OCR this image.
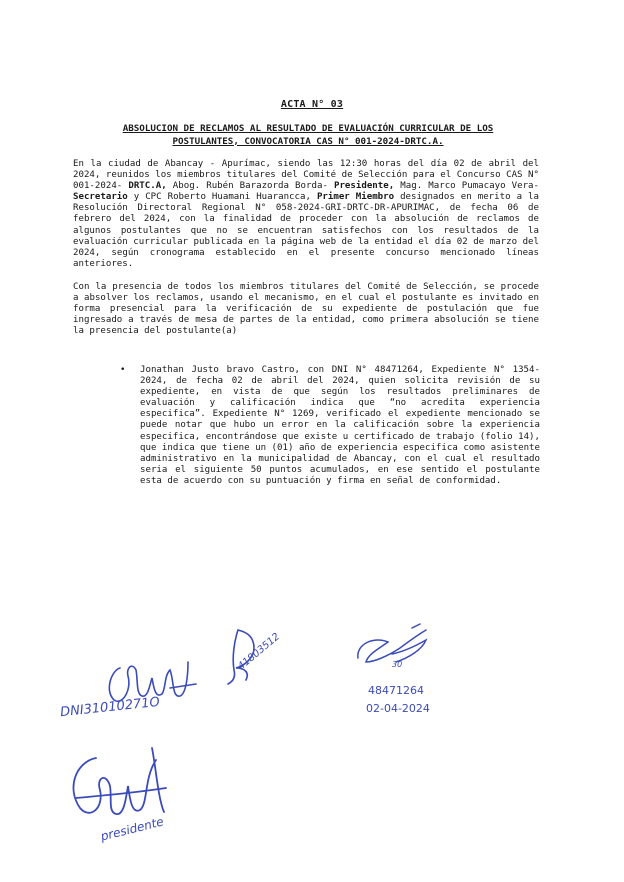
ACTA N° 03
ABSOLUCION DE RECLAMOS AL RESULTADO DE EVALUACIÓN CURRICULAR DE LOS POSTULANTES, CONVOCATORIA CAS N° 001-2024-DRTC.A.

En la ciudad de Abancay - Apurímac, siendo las 12:30 horas del día 02 de abril del 2024, reunidos los miembros titulares del Comité de Selección para el Concurso CAS N° 001-2024- DRTC.A, Abog. Rubén Barazorda Borda- Presidente, Mag. Marco Pumacayo Vera- Secretario y CPC Roberto Huamani Huarancca, Primer Miembro designados en merito a la Resolución Directoral Regional N° 058-2024-GRI-DRTC-DR-APURIMAC, de fecha 06 de febrero del 2024, con la finalidad de proceder con la absolución de reclamos de algunos postulantes que no se encuentran satisfechos con los resultados de la evaluación curricular publicada en la página web de la entidad el día 02 de marzo del 2024, según cronograma establecido en el presente concurso mencionado líneas anteriores.

Con la presencia de todos los miembros titulares del Comité de Selección, se procede a absolver los reclamos, usando el mecanismo, en el cual el postulante es invitado en forma presencial para la verificación de su expediente de postulación que fue ingresado a través de mesa de partes de la entidad, como primera absolución se tiene la presencia del postulante(a)

• Jonathan Justo bravo Castro, con DNI N° 48471264, Expediente N° 1354-2024, de fecha 02 de abril del 2024, quien solicita revisión de su expediente, en vista de que según los resultados preliminares de evaluación y calificación indica que “no acredita experiencia especifica”. Expediente N° 1269, verificado el expediente mencionado se puede notar que hubo un error en la calificación sobre la experiencia especifica, encontrándose que existe u certificado de trabajo (folio 14), que indica que tiene un (01) año de experiencia especifica como asistente administrativo en la municipalidad de Abancay, con el cual el resultado seria el siguiente 50 puntos acumulados, en ese sentido el postulante esta de acuerdo con su puntuación y firma en señal de conformidad.
DNI31010271O
41803512	30
48471264
02-04-2024
presidente
